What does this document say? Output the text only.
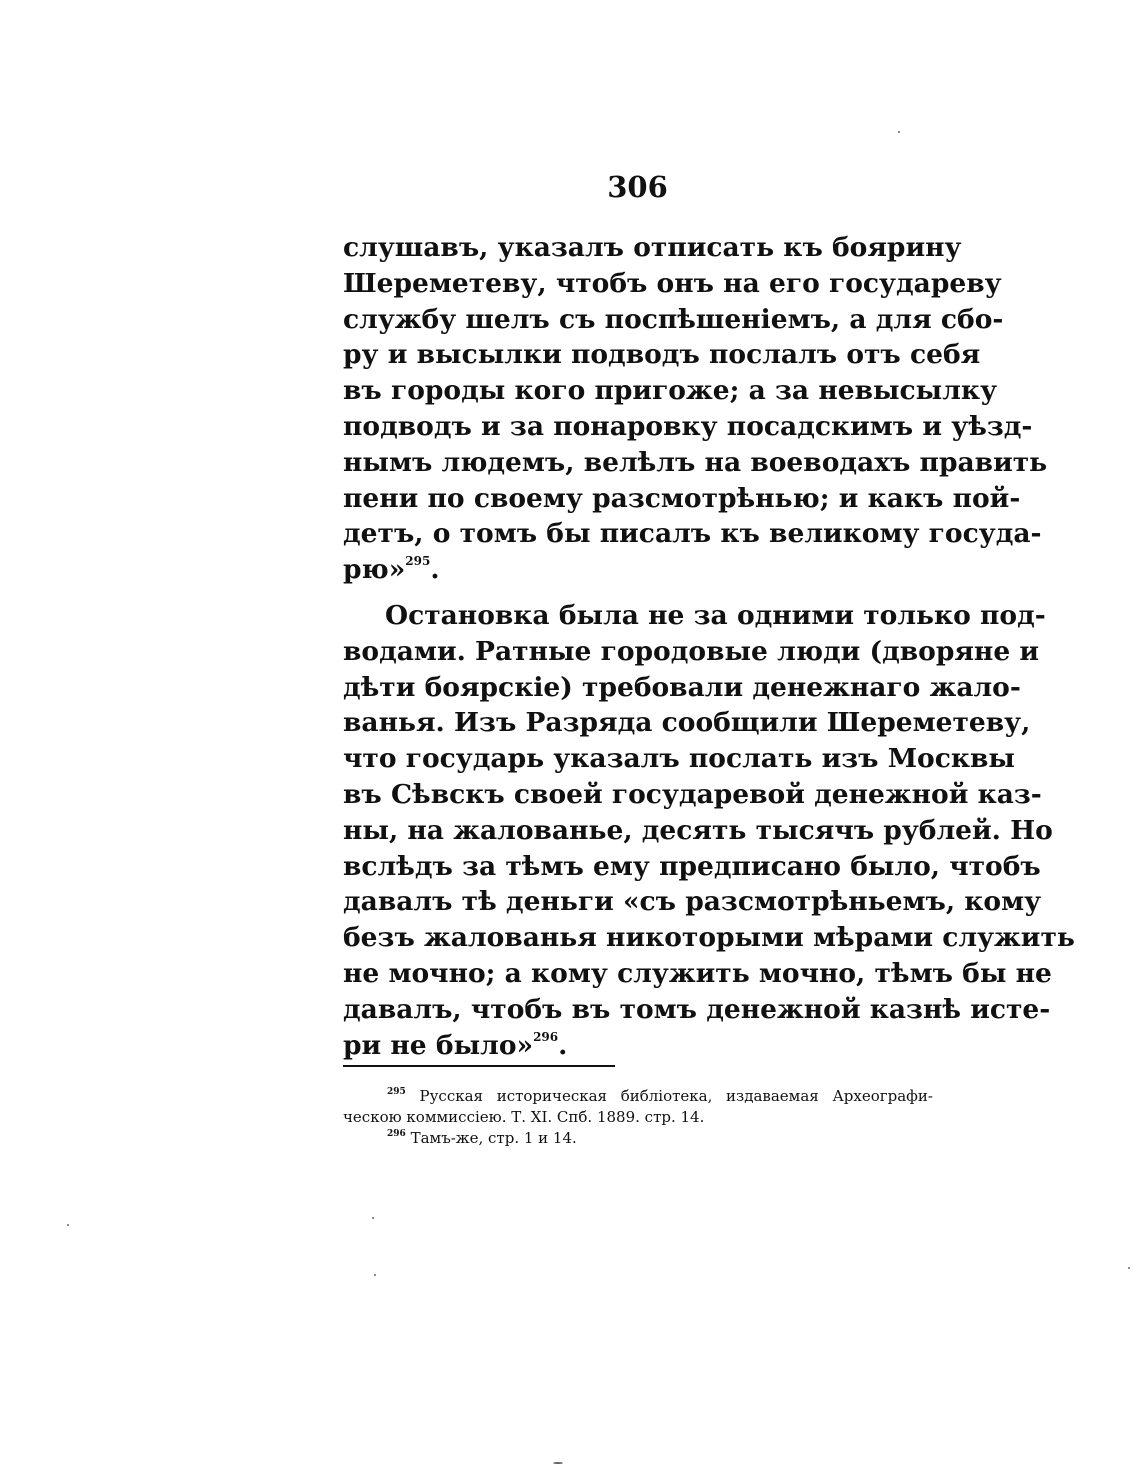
306

слушавъ, указалъ отписать къ боярину
Шереметеву, чтобъ онъ на его государеву
службу шелъ съ поспѣшеніемъ, а для сбо-
ру и высылки подводъ послалъ отъ себя
въ городы кого пригоже; а за невысылку
подводъ и за понаровку посадскимъ и уѣзд-
нымъ людемъ, велѣлъ на воеводахъ править
пени по своему разсмотрѣнью; и какъ пой-
детъ, о томъ бы писалъ къ великому госуда-
рю»$^{295}$.
Остановка была не за одними только под-
водами. Ратные городовые люди (дворяне и
дѣти боярскіе) требовали денежнаго жало-
ванья. Изъ Разряда сообщили Шереметеву,
что государь указалъ послать изъ Москвы
въ Сѣвскъ своей государевой денежной каз-
ны, на жалованье, десять тысячъ рублей. Но
вслѣдъ за тѣмъ ему предписано было, чтобъ
давалъ тѣ деньги «съ разсмотрѣньемъ, кому
безъ жалованья никоторыми мѣрами служить
не мочно; а кому служить мочно, тѣмъ бы не
давалъ, чтобъ въ томъ денежной казнѣ исте-
ри не было»$^{296}$.
$^{295}$ Русская историческая библіотека, издаваемая Археографи-
ческою коммиссіею. Т. XI. Спб. 1889. стр. 14.
$^{296}$ Тамъ-же, стр. 1 и 14.
